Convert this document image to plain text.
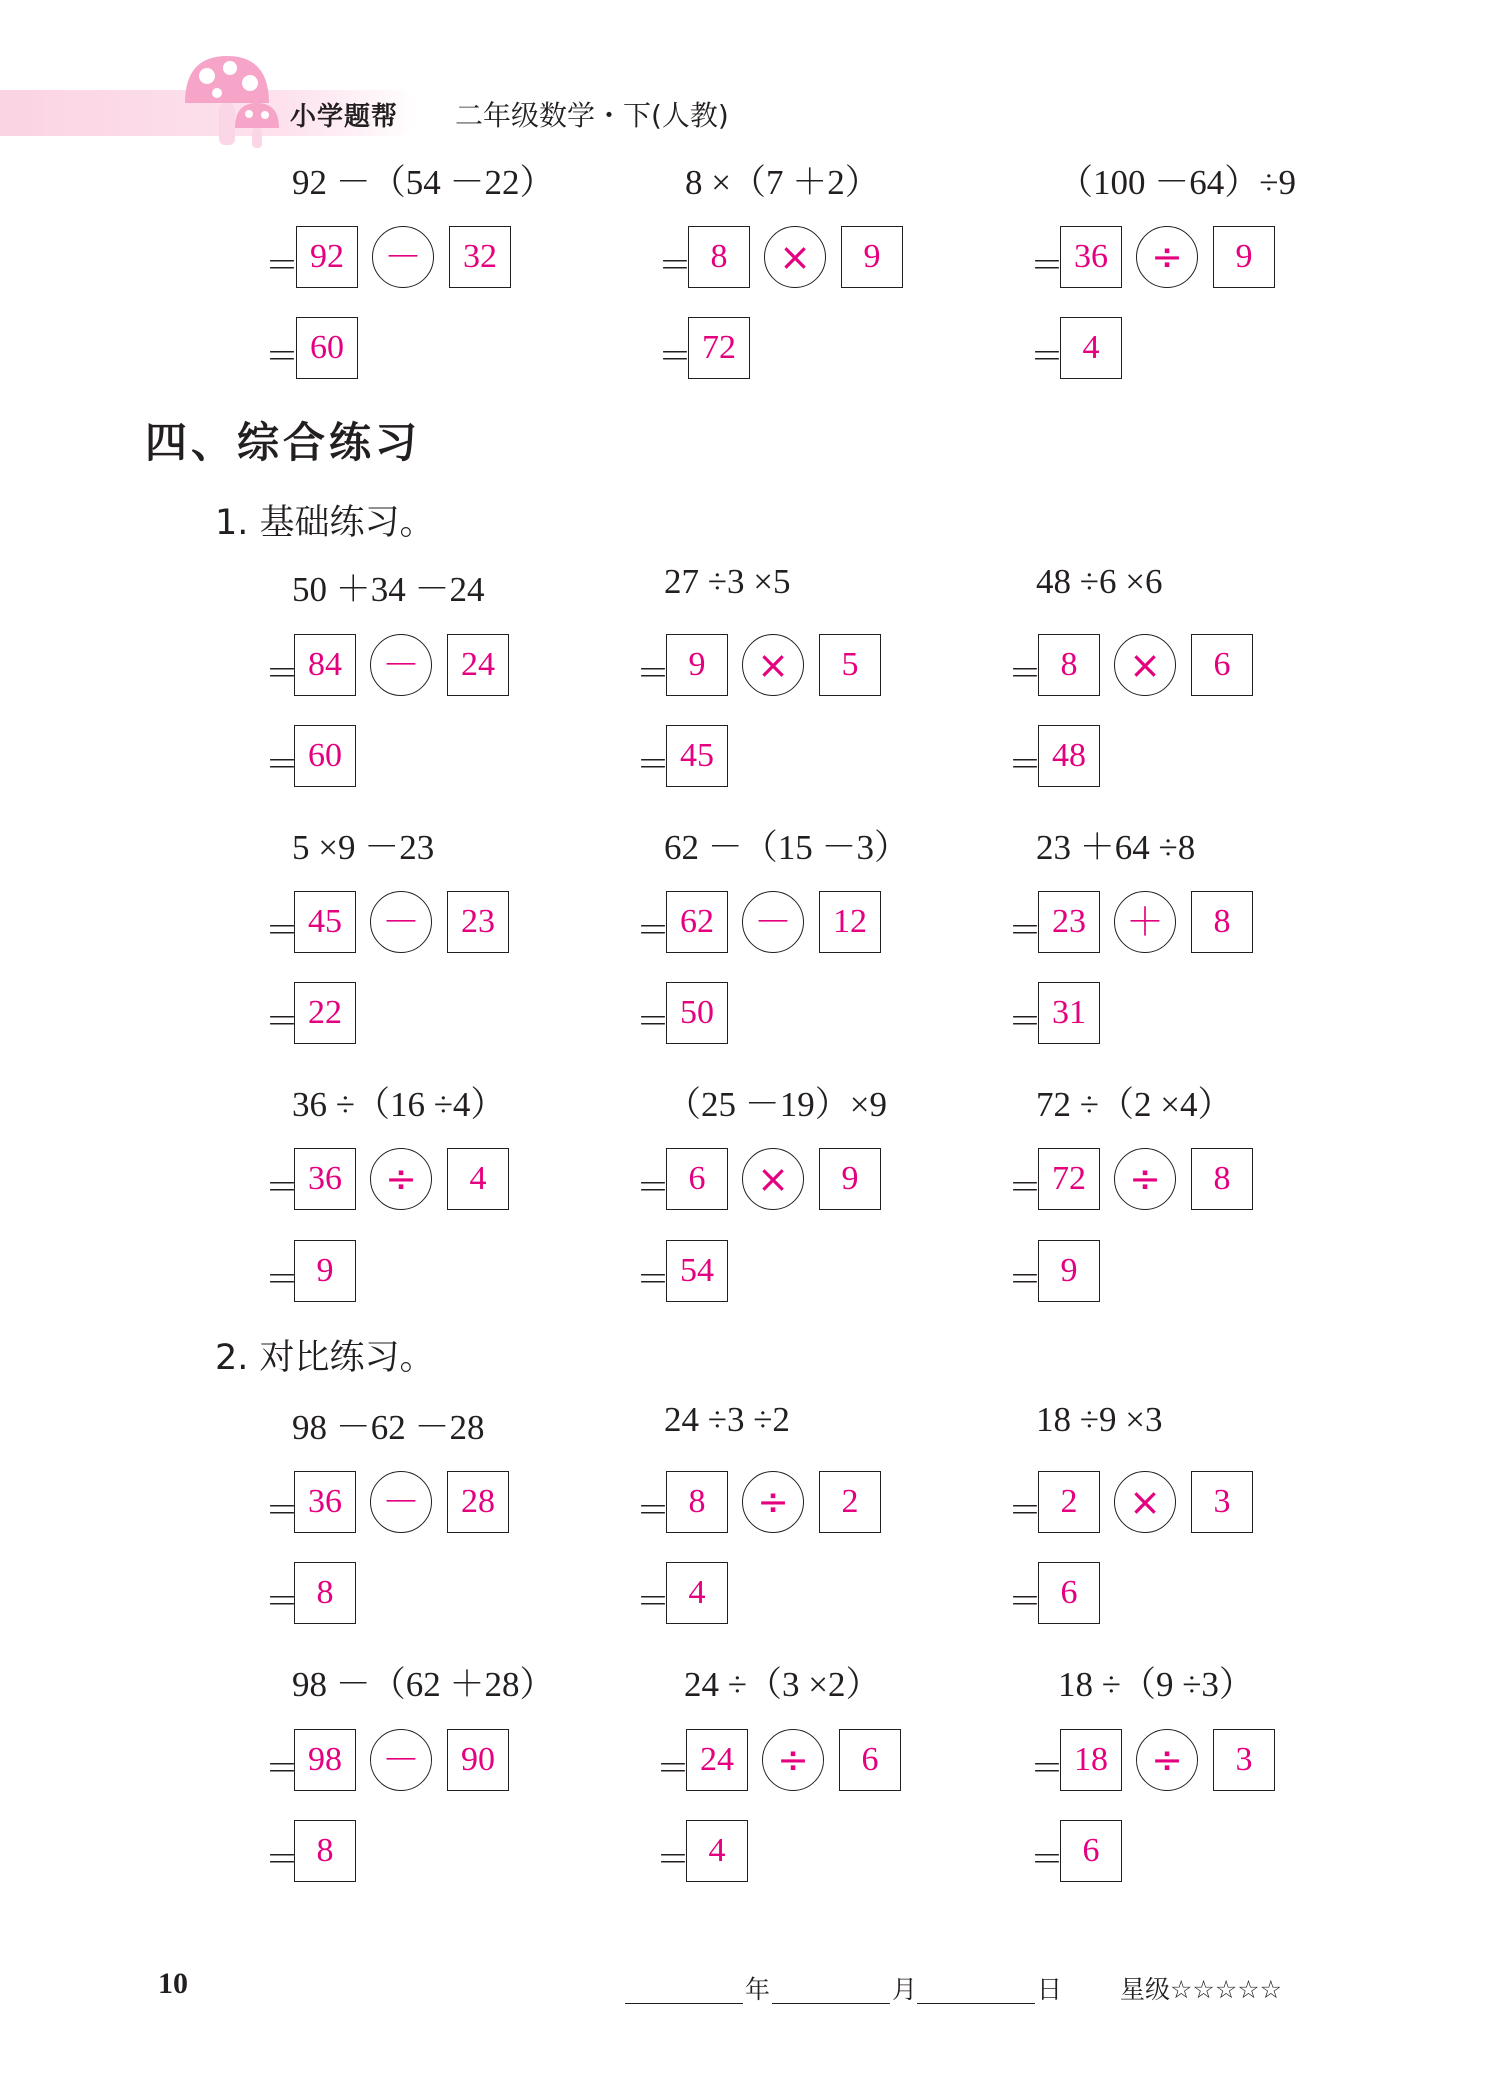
小学题帮 二年级数学・下(人教)
92 －（54 －22）
＝ 92	－	32
＝ 60
8 ×（7 ＋2）
＝ 8	×	9
＝ 72
（100 －64）÷9
＝ 36	÷	9
＝ 4
四、综合练习
1. 基础练习。
50 ＋34 －24
＝ 84	－	24
＝ 60
27 ÷3 ×5
＝ 9	×	5
＝ 45
48 ÷6 ×6
＝ 8	×	6
＝ 48
5 ×9 －23
＝ 45	－	23
＝ 22
62 －（15 －3）
＝ 62	－	12
＝ 50
23 ＋64 ÷8
＝ 23	＋	8
＝ 31
36 ÷（16 ÷4）
＝ 36	÷	4
＝ 9
（25 －19）×9
＝ 6	×	9
＝ 54
72 ÷（2 ×4）
＝ 72	÷	8
＝ 9
2. 对比练习。
98 －62 －28
＝ 36	－	28
＝ 8
24 ÷3 ÷2
＝ 8	÷	2
＝ 4
18 ÷9 ×3
＝ 2	×	3
＝ 6
98 －（62 ＋28）
＝ 98	－	90
＝ 8
24 ÷（3 ×2）
＝ 24	÷	6
＝ 4
18 ÷（9 ÷3）
＝ 18	÷	3
＝ 6
10	年	月	日 星级☆☆☆☆☆
